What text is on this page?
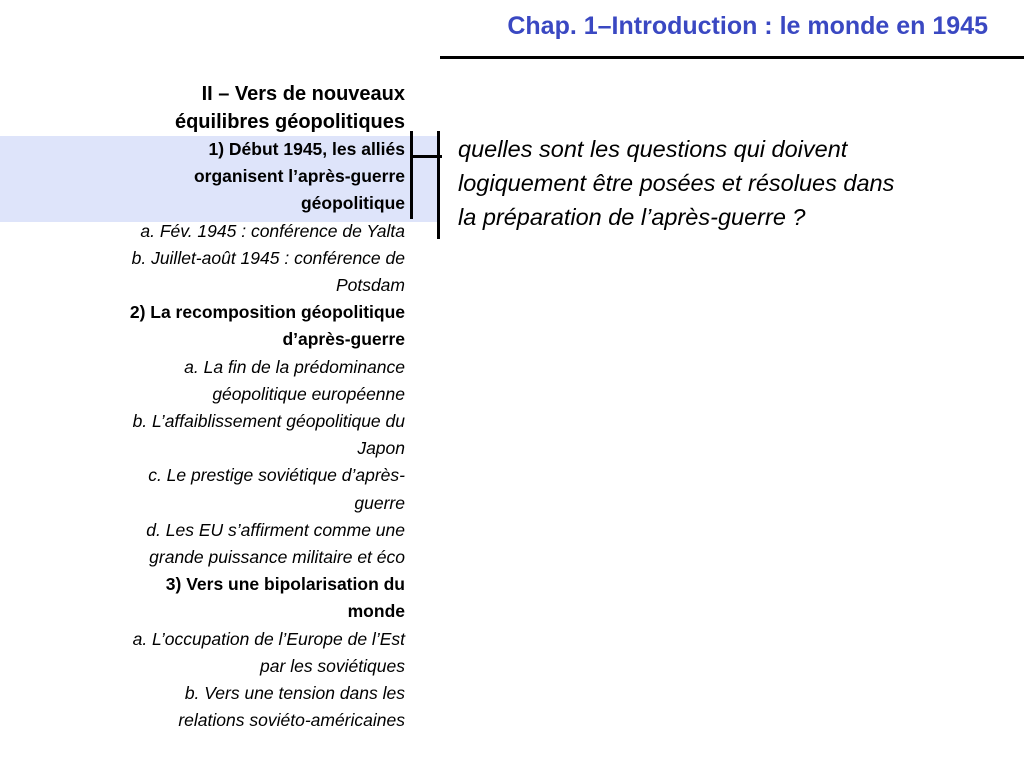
Chap. 1–Introduction : le monde en 1945
II – Vers de nouveaux
équilibres géopolitiques
1) Début 1945, les alliés
organisent l’après-guerre
géopolitique
a. Fév. 1945 : conférence de Yalta
b. Juillet-août 1945 : conférence de
Potsdam
2) La recomposition géopolitique
d’après-guerre
a. La fin de la prédominance
géopolitique européenne
b. L’affaiblissement géopolitique du
Japon
c. Le prestige soviétique d’après-
guerre
d. Les EU s’affirment comme une
grande puissance militaire et éco
3) Vers une bipolarisation du
monde
a. L’occupation de l’Europe de l’Est
par les soviétiques
b. Vers une tension dans les
relations soviéto-américaines
quelles sont les questions qui doivent
logiquement être posées et résolues dans
la préparation de l’après-guerre ?
